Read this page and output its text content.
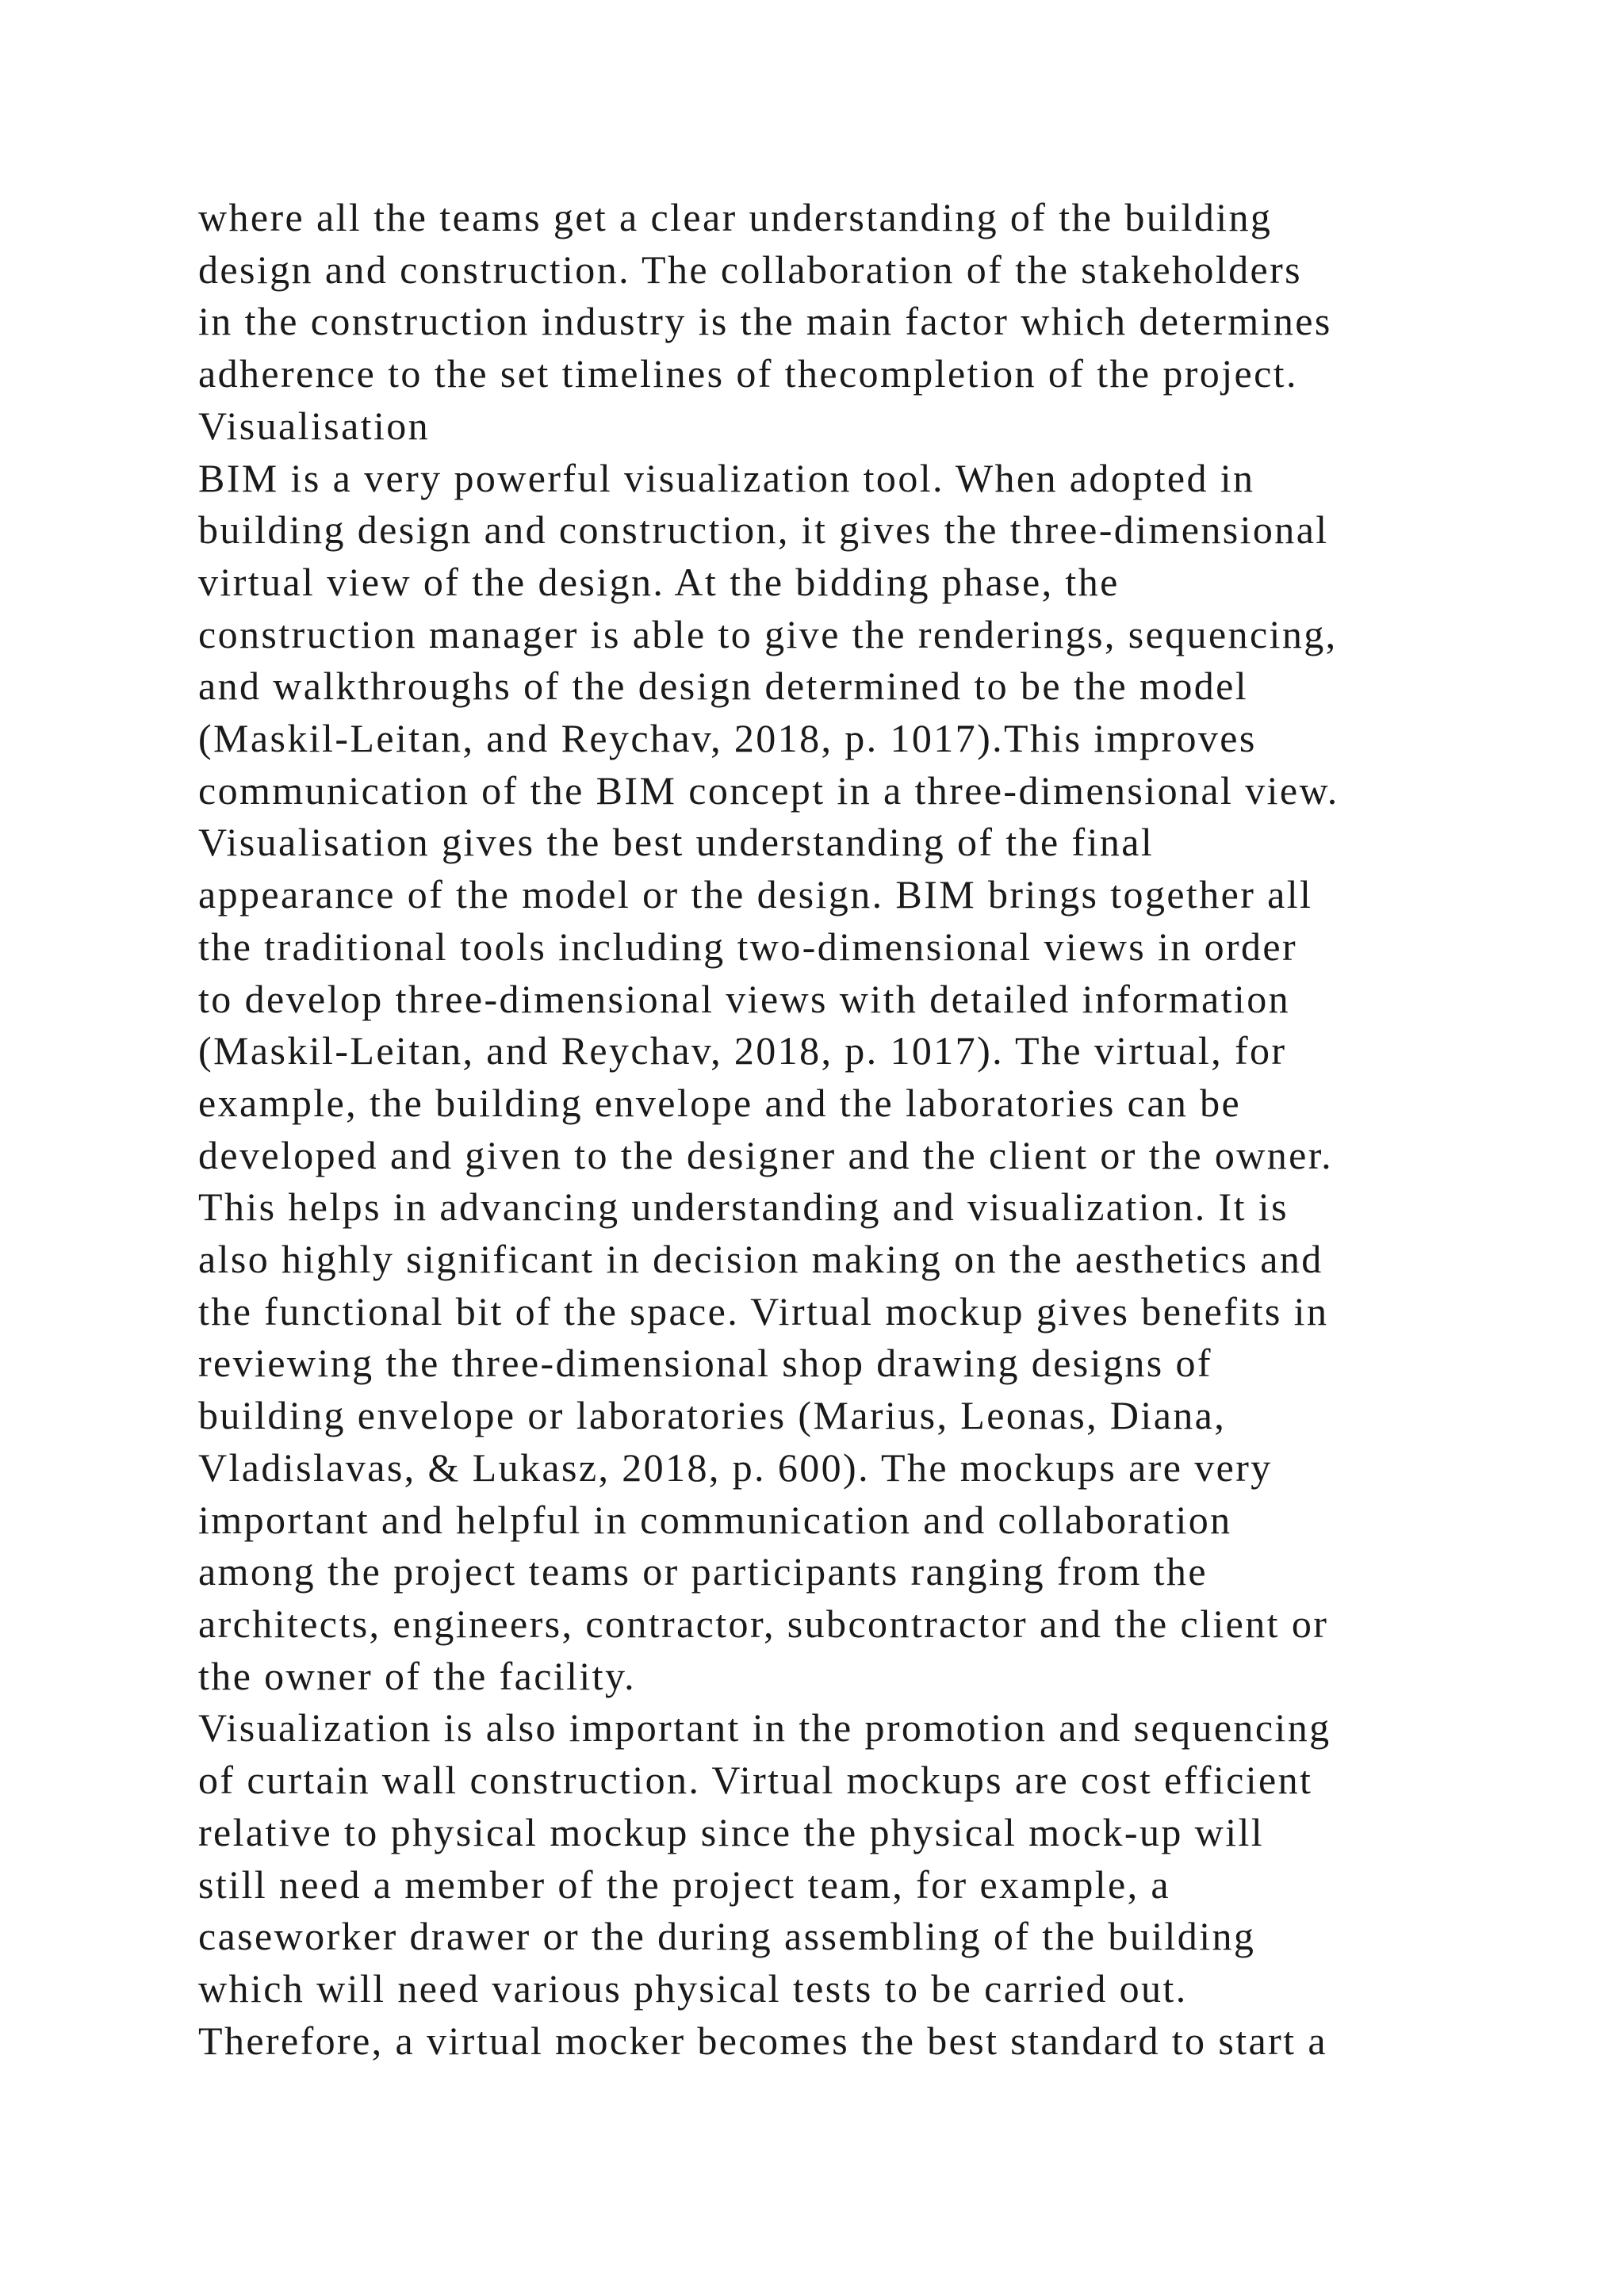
where all the teams get a clear understanding of the building
design and construction. The collaboration of the stakeholders
in the construction industry is the main factor which determines
adherence to the set timelines of thecompletion of the project.
Visualisation
BIM is a very powerful visualization tool. When adopted in
building design and construction, it gives the three-dimensional
virtual view of the design. At the bidding phase, the
construction manager is able to give the renderings, sequencing,
and walkthroughs of the design determined to be the model
(Maskil-Leitan, and Reychav, 2018, p. 1017).This improves
communication of the BIM concept in a three-dimensional view.
Visualisation gives the best understanding of the final
appearance of the model or the design. BIM brings together all
the traditional tools including two-dimensional views in order
to develop three-dimensional views with detailed information
(Maskil-Leitan, and Reychav, 2018, p. 1017). The virtual, for
example, the building envelope and the laboratories can be
developed and given to the designer and the client or the owner.
This helps in advancing understanding and visualization. It is
also highly significant in decision making on the aesthetics and
the functional bit of the space. Virtual mockup gives benefits in
reviewing the three-dimensional shop drawing designs of
building envelope or laboratories (Marius, Leonas, Diana,
Vladislavas, & Lukasz, 2018, p. 600). The mockups are very
important and helpful in communication and collaboration
among the project teams or participants ranging from the
architects, engineers, contractor, subcontractor and the client or
the owner of the facility.
Visualization is also important in the promotion and sequencing
of curtain wall construction. Virtual mockups are cost efficient
relative to physical mockup since the physical mock-up will
still need a member of the project team, for example, a
caseworker drawer or the during assembling of the building
which will need various physical tests to be carried out.
Therefore, a virtual mocker becomes the best standard to start a
